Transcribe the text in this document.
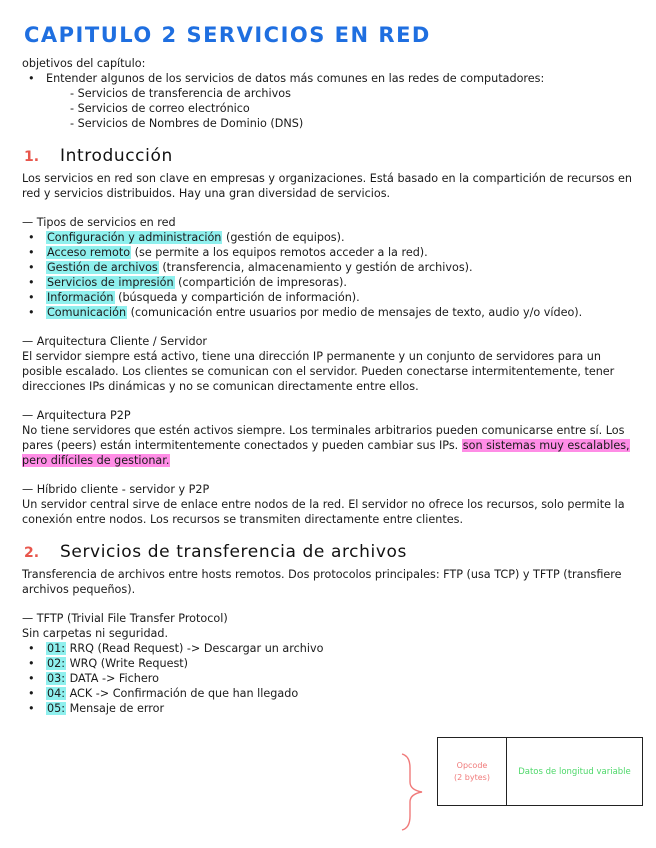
CAPITULO 2 SERVICIOS EN RED

objetivos del capítulo:

• Entender algunos de los servicios de datos más comunes en las redes de computadores:
- Servicios de transferencia de archivos
- Servicios de correo electrónico
- Servicios de Nombres de Dominio (DNS)
1.	Introducción

Los servicios en red son clave en empresas y organizaciones. Está basado en la compartición de recursos en red y servicios distribuidos. Hay una gran diversidad de servicios.

— Tipos de servicios en red

• Configuración y administración (gestión de equipos).
• Acceso remoto (se permite a los equipos remotos acceder a la red).
• Gestión de archivos (transferencia, almacenamiento y gestión de archivos).
• Servicios de impresión (compartición de impresoras).
• Información (búsqueda y compartición de información).
• Comunicación (comunicación entre usuarios por medio de mensajes de texto, audio y/o vídeo).

— Arquitectura Cliente / Servidor

El servidor siempre está activo, tiene una dirección IP permanente y un conjunto de servidores para un posible escalado. Los clientes se comunican con el servidor. Pueden conectarse intermitentemente, tener direcciones IPs dinámicas y no se comunican directamente entre ellos.

— Arquitectura P2P

No tiene servidores que estén activos siempre. Los terminales arbitrarios pueden comunicarse entre sí. Los pares (peers) están intermitentemente conectados y pueden cambiar sus IPs. son sistemas muy escalables, pero difíciles de gestionar.

— Híbrido cliente - servidor y P2P

Un servidor central sirve de enlace entre nodos de la red. El servidor no ofrece los recursos, solo permite la conexión entre nodos. Los recursos se transmiten directamente entre clientes.

2.	Servicios de transferencia de archivos

Transferencia de archivos entre hosts remotos. Dos protocolos principales: FTP (usa TCP) y TFTP (transfiere archivos pequeños).

— TFTP (Trivial File Transfer Protocol)

Sin carpetas ni seguridad.

• 01: RRQ (Read Request) -> Descargar un archivo
• 02: WRQ (Write Request)
• 03: DATA -> Fichero
• 04: ACK -> Confirmación de que han llegado
• 05: Mensaje de error
Opcode
(2 bytes)
Datos de longitud variable
